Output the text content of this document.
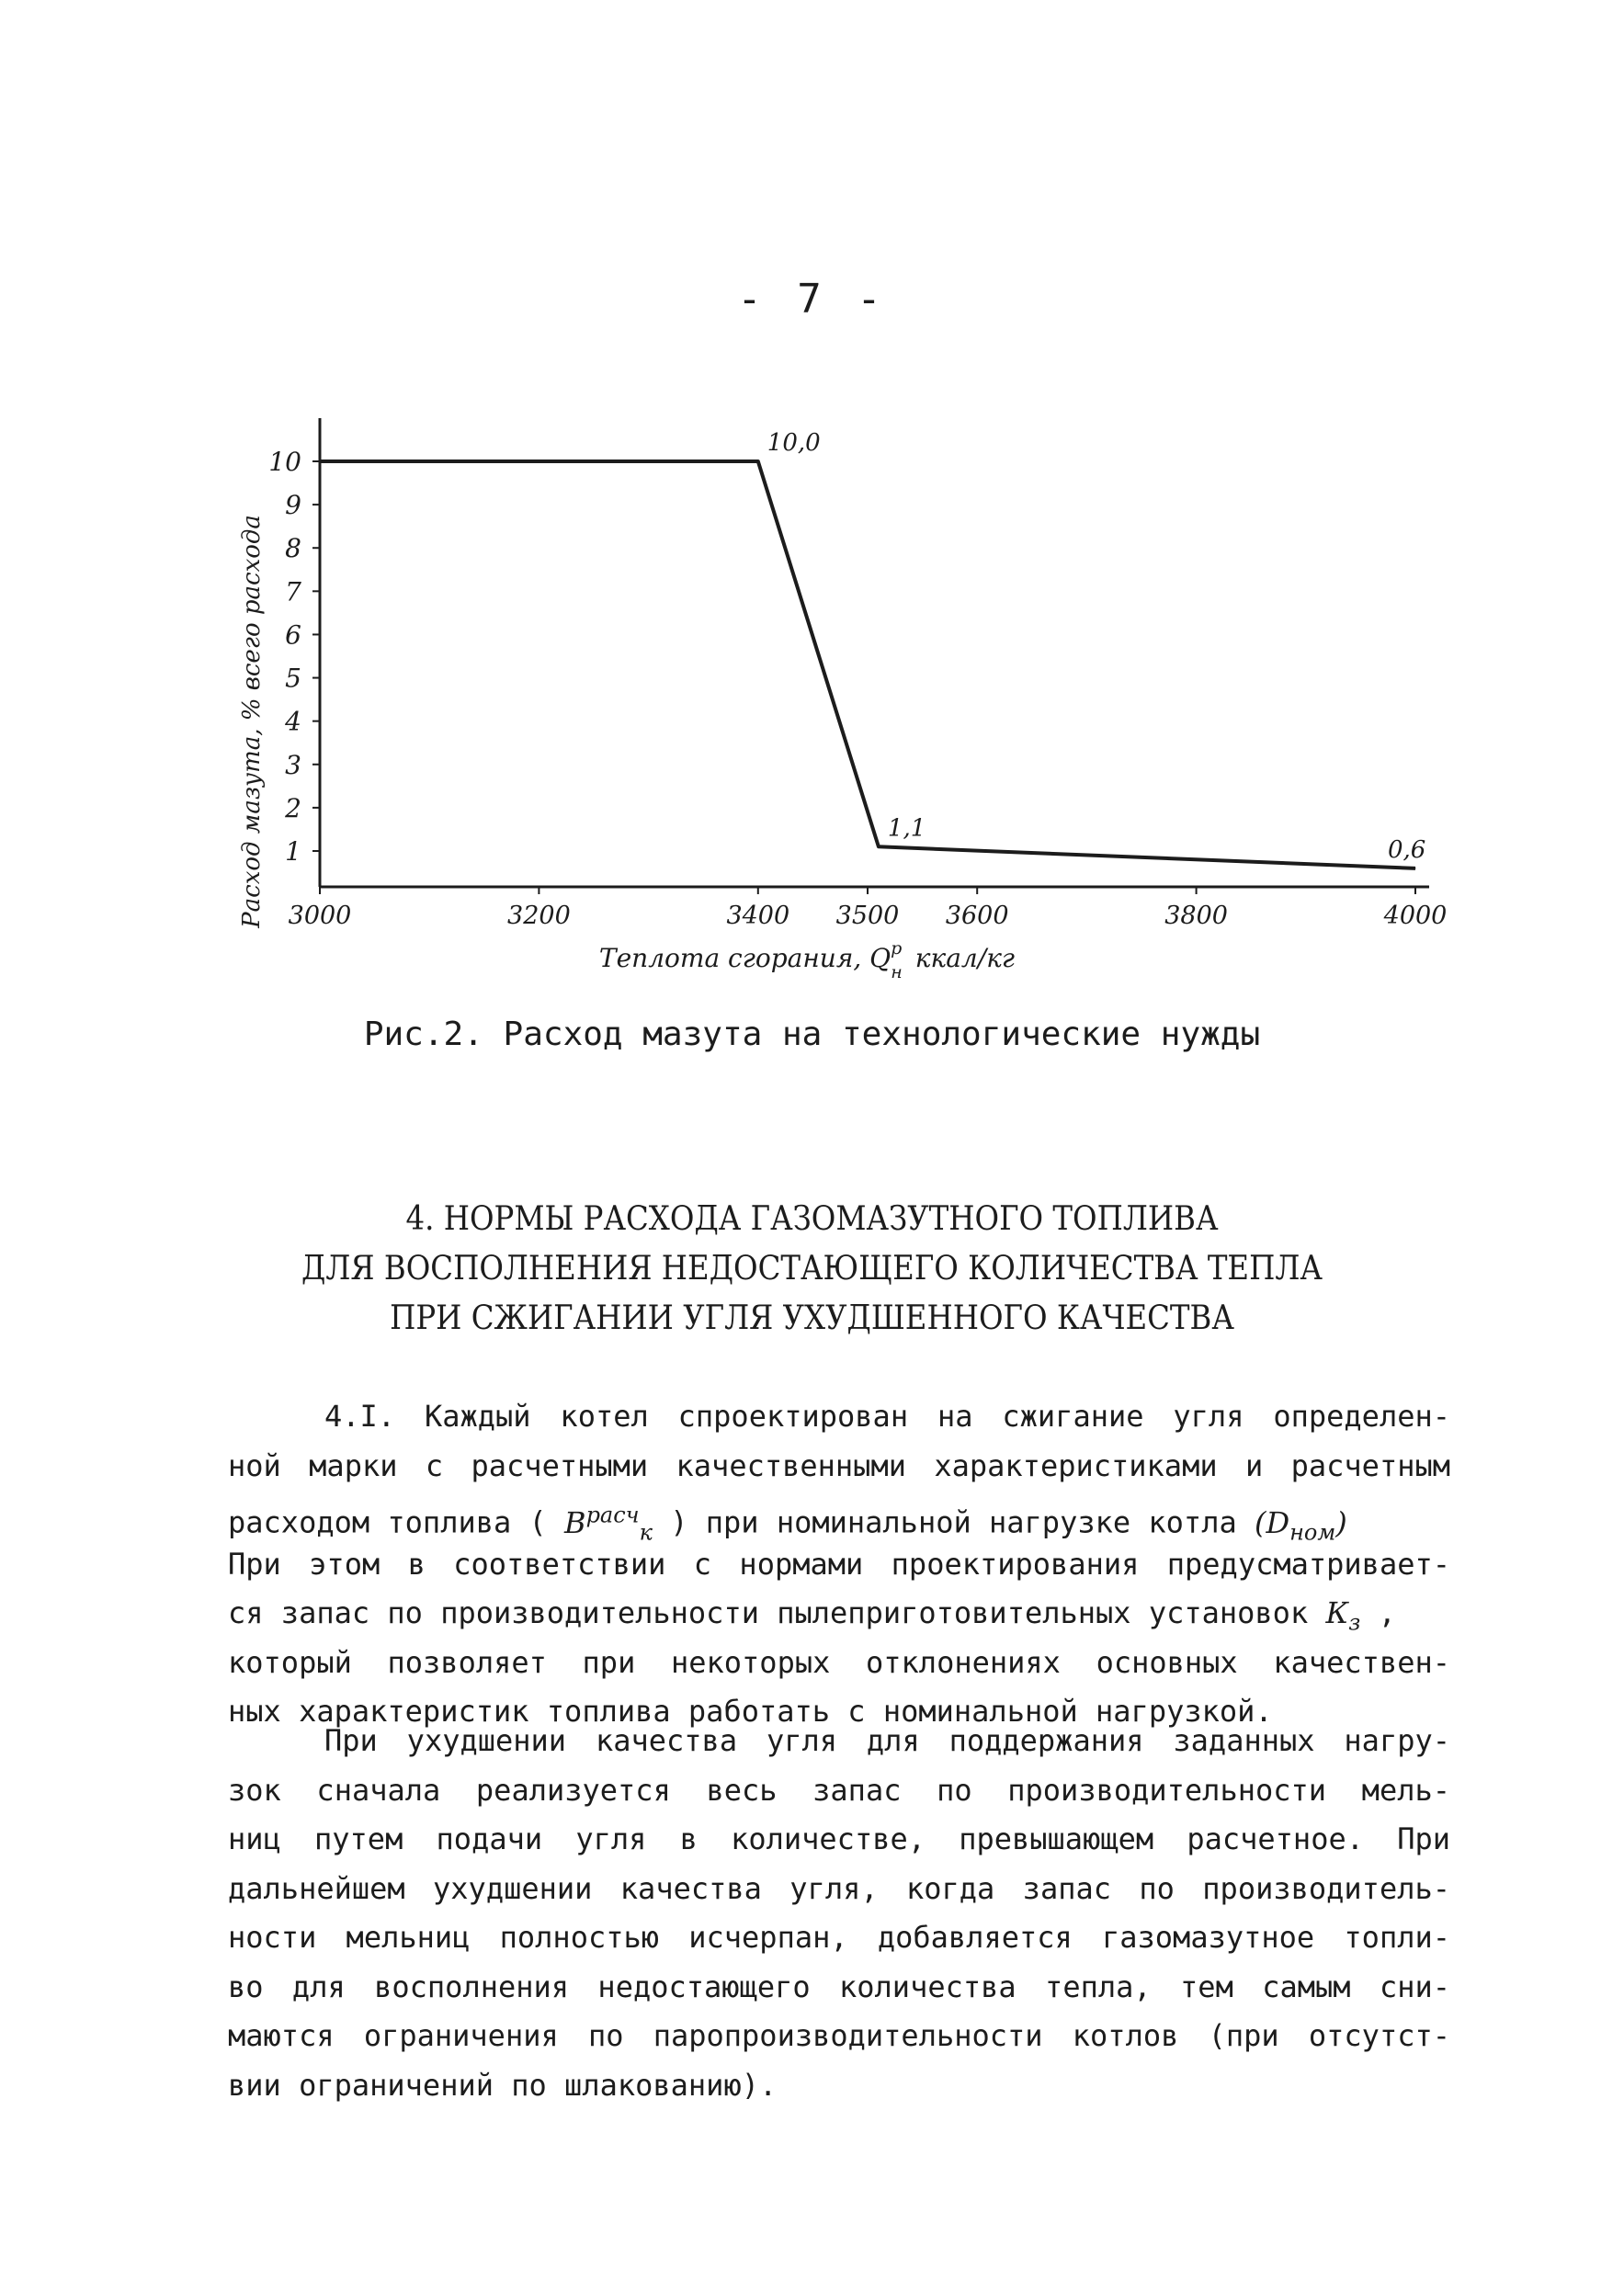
- 7 -
1
2
3
4
5
6
7
8
9
10
3000	3200	3400 3500 3600	3800	4000
10,0
1,1
0,6
Расход мазута, % всего расхода
Теплота сгорания, $Q^р$ н ккал/кг
Рис.2. Расход мазута на технологические нужды
4. НОРМЫ РАСХОДА ГАЗОМАЗУТНОГО ТОПЛИВА
ДЛЯ ВОСПОЛНЕНИЯ НЕДОСТАЮЩЕГО КОЛИЧЕСТВА ТЕПЛА
ПРИ СЖИГАНИИ УГЛЯ УХУДШЕННОГО КАЧЕСТВА
4.I. Каждый котел спроектирован на сжигание угля определен-
ной марки с расчетными качественными характеристиками и расчетным
расходом топлива ( $B^{расч}_к$ ) при номинальной нагрузке котла $(D_{ном})$
При этом в соответствии с нормами проектирования предусматривает-
ся запас по производительности пылеприготовительных установок $К_з$ ,
который позволяет при некоторых отклонениях основных качествен-
ных характеристик топлива работать с номинальной нагрузкой.
При ухудшении качества угля для поддержания заданных нагру-
зок сначала реализуется весь запас по производительности мель-
ниц путем подачи угля в количестве, превышающем расчетное. При
дальнейшем ухудшении качества угля, когда запас по производитель-
ности мельниц полностью исчерпан, добавляется газомазутное топли-
во для восполнения недостающего количества тепла, тем самым сни-
маются ограничения по паропроизводительности котлов (при отсутст-
вии ограничений по шлакованию).
